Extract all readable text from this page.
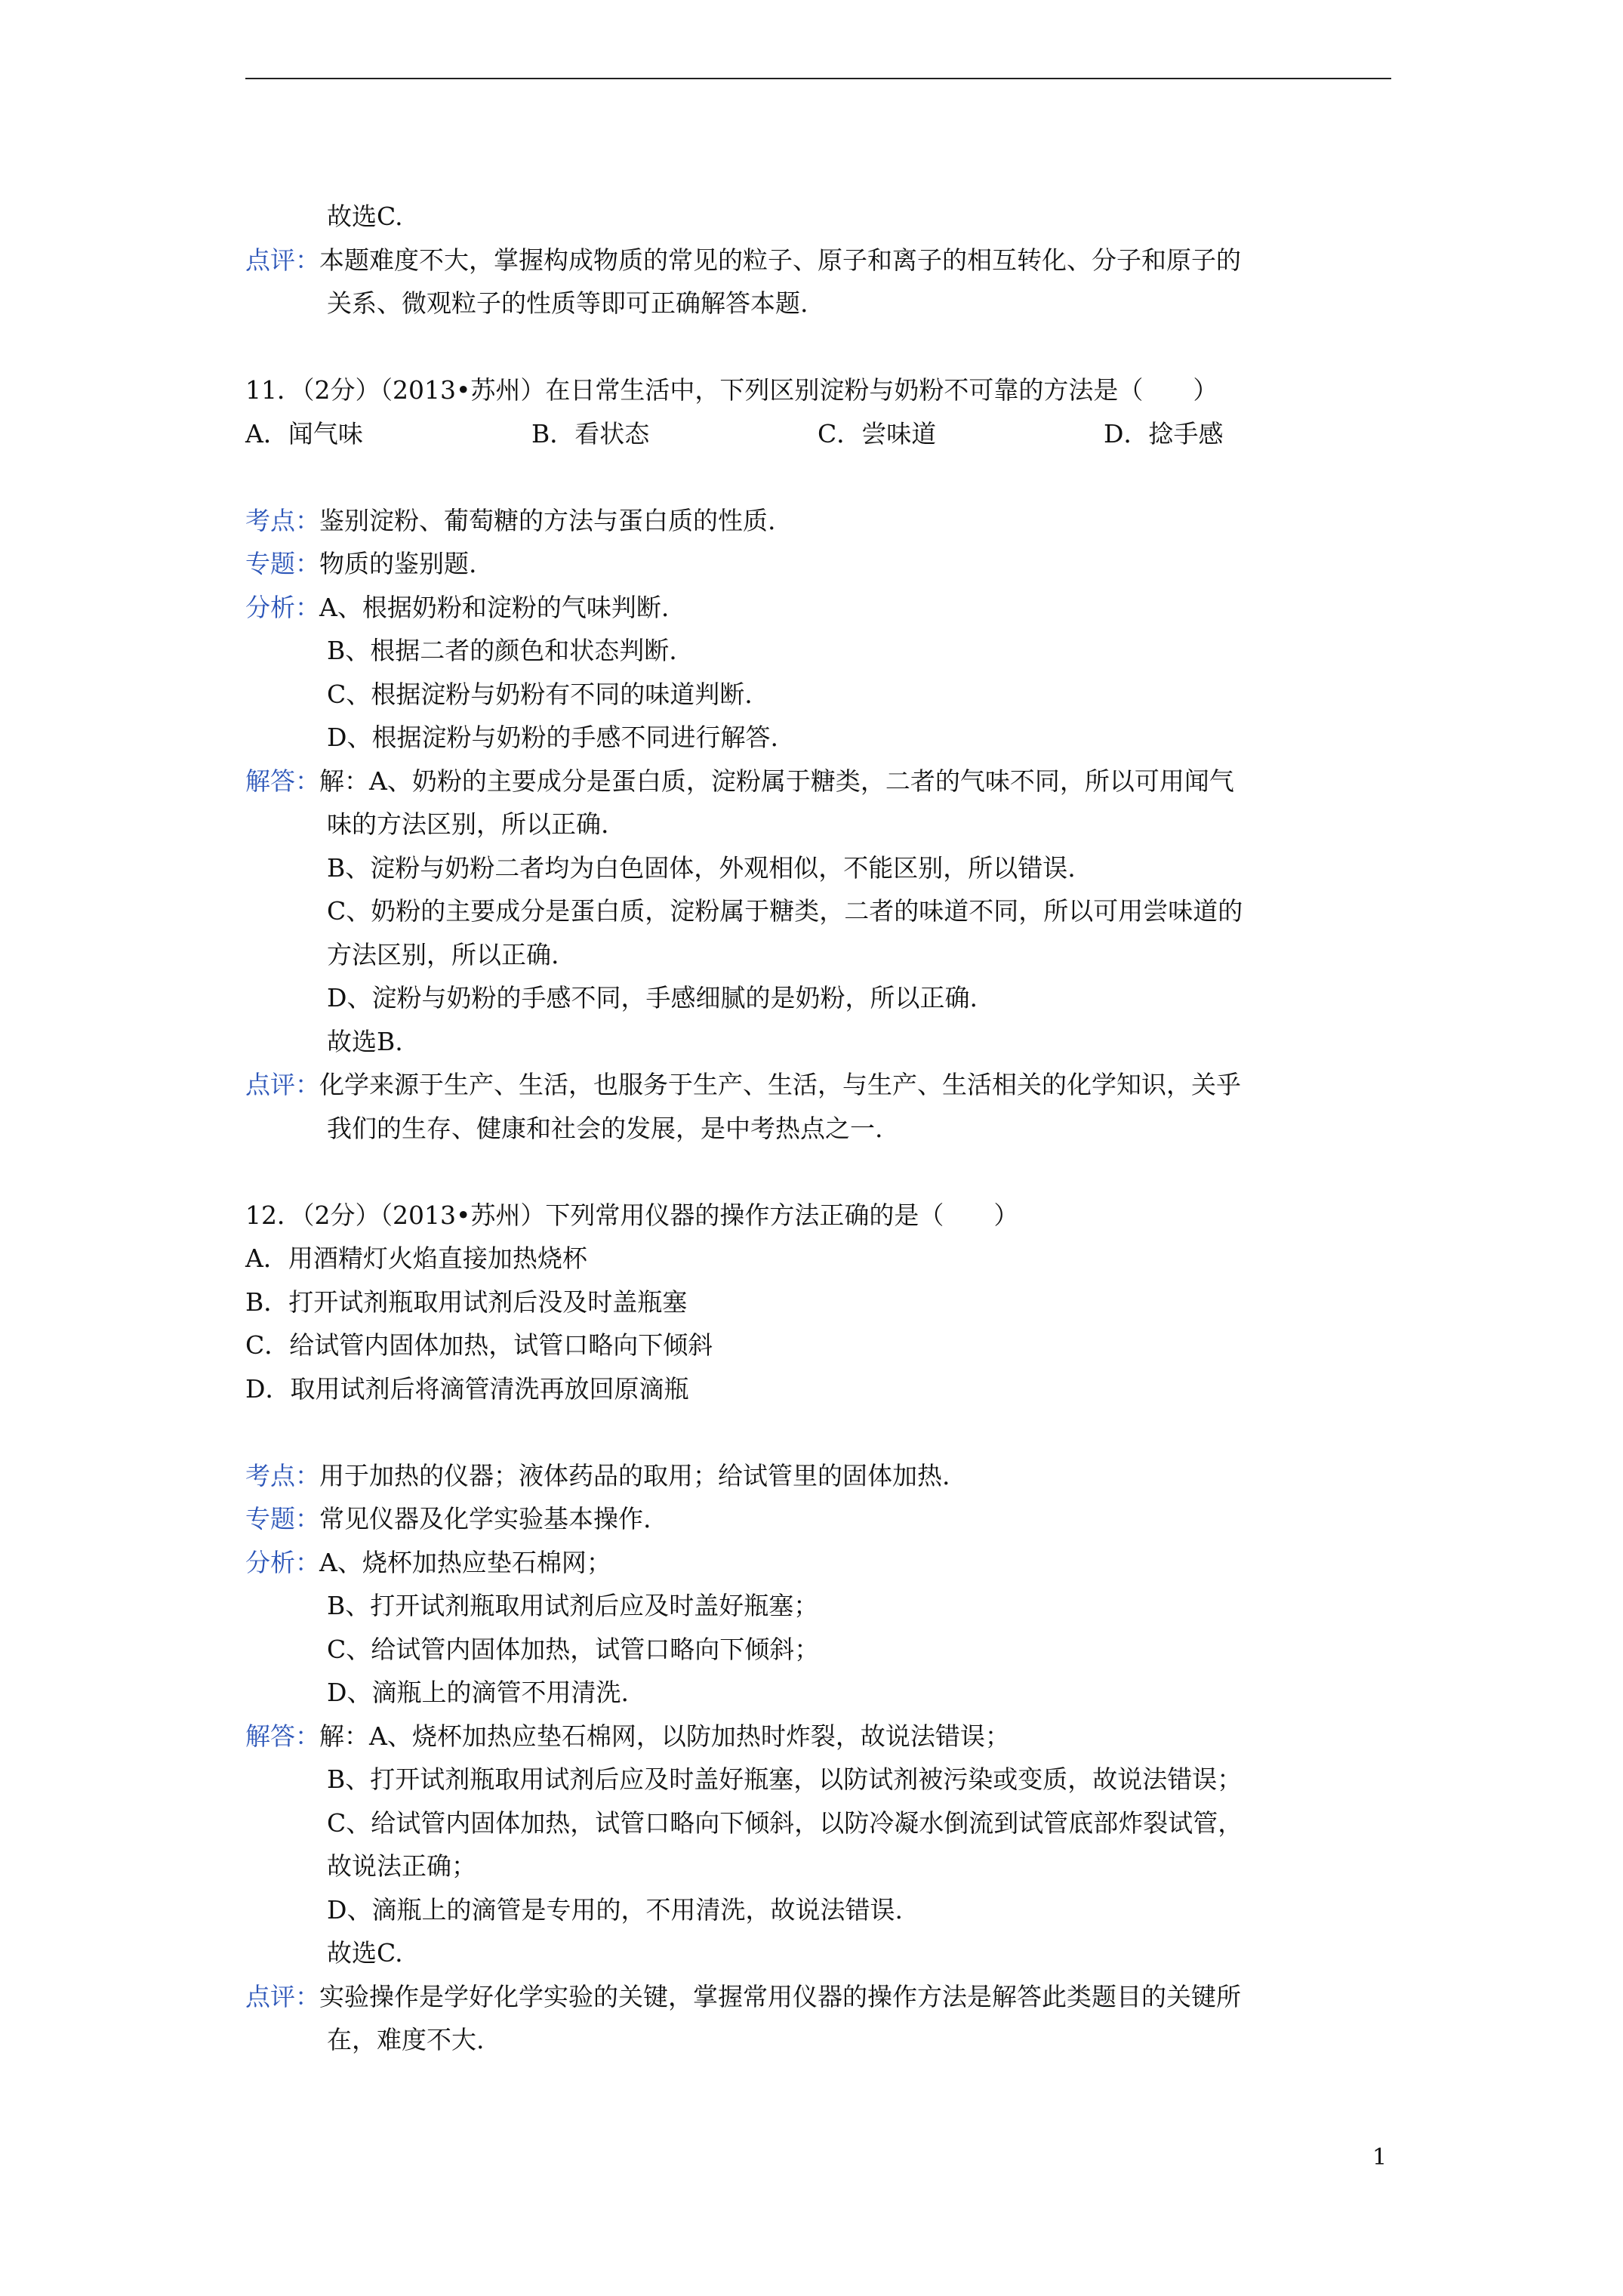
故选C.
点评：本题难度不大，掌握构成物质的常见的粒子、原子和离子的相互转化、分子和原子的
关系、微观粒子的性质等即可正确解答本题.
11．（2分）（2013•苏州）在日常生活中，下列区别淀粉与奶粉不可靠的方法是（　　）
A．闻气味	B．看状态	C．尝味道	D．捻手感
考点：鉴别淀粉、葡萄糖的方法与蛋白质的性质.
专题：物质的鉴别题.
分析：A、根据奶粉和淀粉的气味判断.
B、根据二者的颜色和状态判断.
C、根据淀粉与奶粉有不同的味道判断.
D、根据淀粉与奶粉的手感不同进行解答.
解答：解：A、奶粉的主要成分是蛋白质，淀粉属于糖类，二者的气味不同，所以可用闻气
味的方法区别，所以正确.
B、淀粉与奶粉二者均为白色固体，外观相似，不能区别，所以错误.
C、奶粉的主要成分是蛋白质，淀粉属于糖类，二者的味道不同，所以可用尝味道的
方法区别，所以正确.
D、淀粉与奶粉的手感不同，手感细腻的是奶粉，所以正确.
故选B.
点评：化学来源于生产、生活，也服务于生产、生活，与生产、生活相关的化学知识，关乎
我们的生存、健康和社会的发展，是中考热点之一.
12．（2分）（2013•苏州）下列常用仪器的操作方法正确的是（　　）
A．用酒精灯火焰直接加热烧杯
B．打开试剂瓶取用试剂后没及时盖瓶塞
C．给试管内固体加热，试管口略向下倾斜
D．取用试剂后将滴管清洗再放回原滴瓶
考点：用于加热的仪器；液体药品的取用；给试管里的固体加热.
专题：常见仪器及化学实验基本操作.
分析：A、烧杯加热应垫石棉网；
B、打开试剂瓶取用试剂后应及时盖好瓶塞；
C、给试管内固体加热，试管口略向下倾斜；
D、滴瓶上的滴管不用清洗.
解答：解：A、烧杯加热应垫石棉网，以防加热时炸裂，故说法错误；
B、打开试剂瓶取用试剂后应及时盖好瓶塞，以防试剂被污染或变质，故说法错误；
C、给试管内固体加热，试管口略向下倾斜，以防冷凝水倒流到试管底部炸裂试管，
故说法正确；
D、滴瓶上的滴管是专用的，不用清洗，故说法错误.
故选C.
点评：实验操作是学好化学实验的关键，掌握常用仪器的操作方法是解答此类题目的关键所
在，难度不大.
1
